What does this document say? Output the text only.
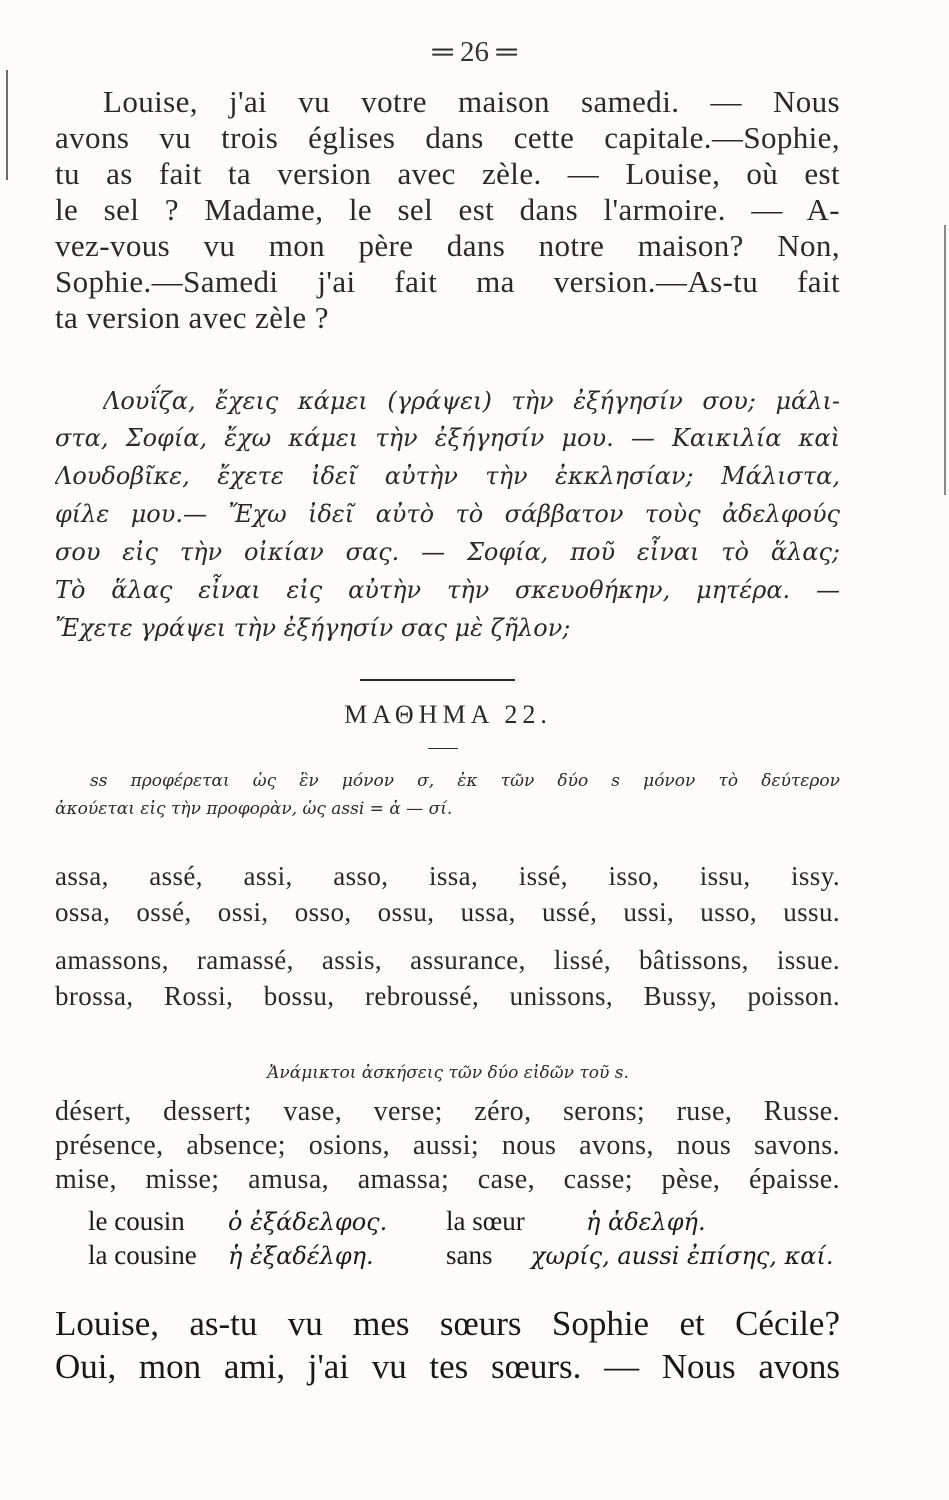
═ 26 ═
Louise, j'ai vu votre maison samedi. — Nous
avons vu trois églises dans cette capitale.—Sophie,
tu as fait ta version avec zèle. — Louise, où est
le sel ? Madame, le sel est dans l'armoire. — A-
vez-vous vu mon père dans notre maison? Non,
Sophie.—Samedi j'ai fait ma version.—As-tu fait
ta version avec zèle ?
Λουΐζα, ἔχεις κάμει (γράψει) τὴν ἐξήγησίν σου; μάλι-
στα, Σοφία, ἔχω κάμει τὴν ἐξήγησίν μου. — Καικιλία καὶ
Λουδοβῖκε, ἔχετε ἰδεῖ αὐτὴν τὴν ἐκκλησίαν; Μάλιστα,
φίλε μου.— Ἔχω ἰδεῖ αὐτὸ τὸ σάββατον τοὺς ἀδελφούς
σου εἰς τὴν οἰκίαν σας. — Σοφία, ποῦ εἶναι τὸ ἅλας;
Τὸ ἅλας εἶναι εἰς αὐτὴν τὴν σκευοθήκην, μητέρα. —
Ἔχετε γράψει τὴν ἐξήγησίν σας μὲ ζῆλον;
ΜΑΘΗΜΑ 22.
ss προφέρεται ὡς ἓν μόνον σ, ἐκ τῶν δύο s μόνον τὸ δεύτερον
ἀκούεται εἰς τὴν προφορὰν, ὡς assi = ἀ — σί.
assa, assé, assi, asso, issa, issé, isso, issu, issy.
ossa, ossé, ossi, osso, ossu, ussa, ussé, ussi, usso, ussu.
amassons, ramassé, assis, assurance, lissé, bâtissons, issue.
brossa, Rossi, bossu, rebroussé, unissons, Bussy, poisson.
Ἀνάμικτοι ἀσκήσεις τῶν δύο εἰδῶν τοῦ s.
désert, dessert; vase, verse; zéro, serons; ruse, Russe.
présence, absence; osions, aussi; nous avons, nous savons.
mise, misse; amusa, amassa; case, casse; pèse, épaisse.
le cousin ὁ ἐξάδελφος. la sœur	ἡ ἀδελφή.
la cousine ἡ ἐξαδέλφη.	sans χωρίς, aussi ἐπίσης, καί.
Louise, as-tu vu mes sœurs Sophie et Cécile?
Oui, mon ami, j'ai vu tes sœurs. — Nous avons
